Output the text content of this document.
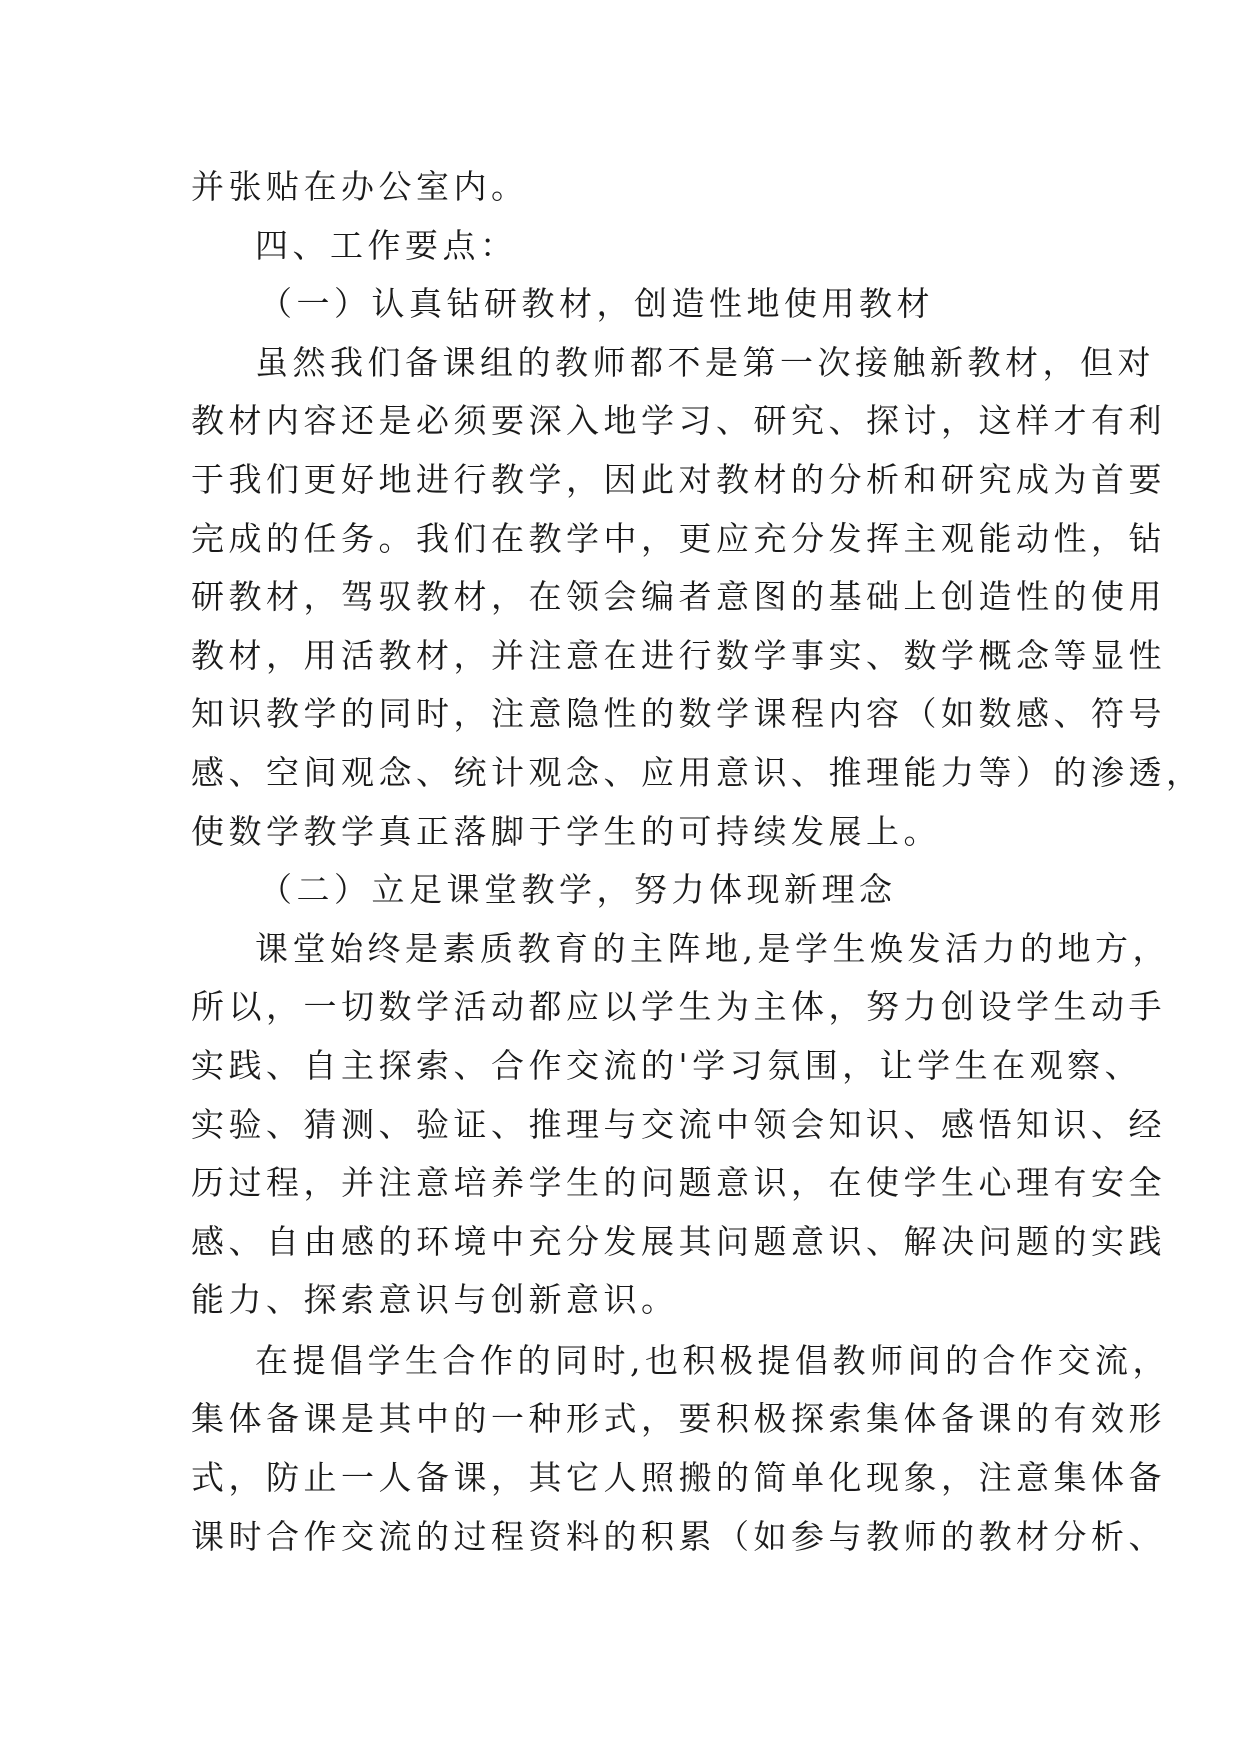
并张贴在办公室内。
四、工作要点：
（一）认真钻研教材，创造性地使用教材
虽然我们备课组的教师都不是第一次接触新教材，但对
教材内容还是必须要深入地学习、研究、探讨，这样才有利
于我们更好地进行教学，因此对教材的分析和研究成为首要
完成的任务。我们在教学中，更应充分发挥主观能动性，钻
研教材，驾驭教材，在领会编者意图的基础上创造性的使用
教材，用活教材，并注意在进行数学事实、数学概念等显性
知识教学的同时，注意隐性的数学课程内容（如数感、符号
感、空间观念、统计观念、应用意识、推理能力等）的渗透，
使数学教学真正落脚于学生的可持续发展上。
（二）立足课堂教学，努力体现新理念
课堂始终是素质教育的主阵地,是学生焕发活力的地方，
所以，一切数学活动都应以学生为主体，努力创设学生动手
实践、自主探索、合作交流的'学习氛围，让学生在观察、
实验、猜测、验证、推理与交流中领会知识、感悟知识、经
历过程，并注意培养学生的问题意识，在使学生心理有安全
感、自由感的环境中充分发展其问题意识、解决问题的实践
能力、探索意识与创新意识。
在提倡学生合作的同时,也积极提倡教师间的合作交流，
集体备课是其中的一种形式，要积极探索集体备课的有效形
式，防止一人备课，其它人照搬的简单化现象，注意集体备
课时合作交流的过程资料的积累（如参与教师的教材分析、
